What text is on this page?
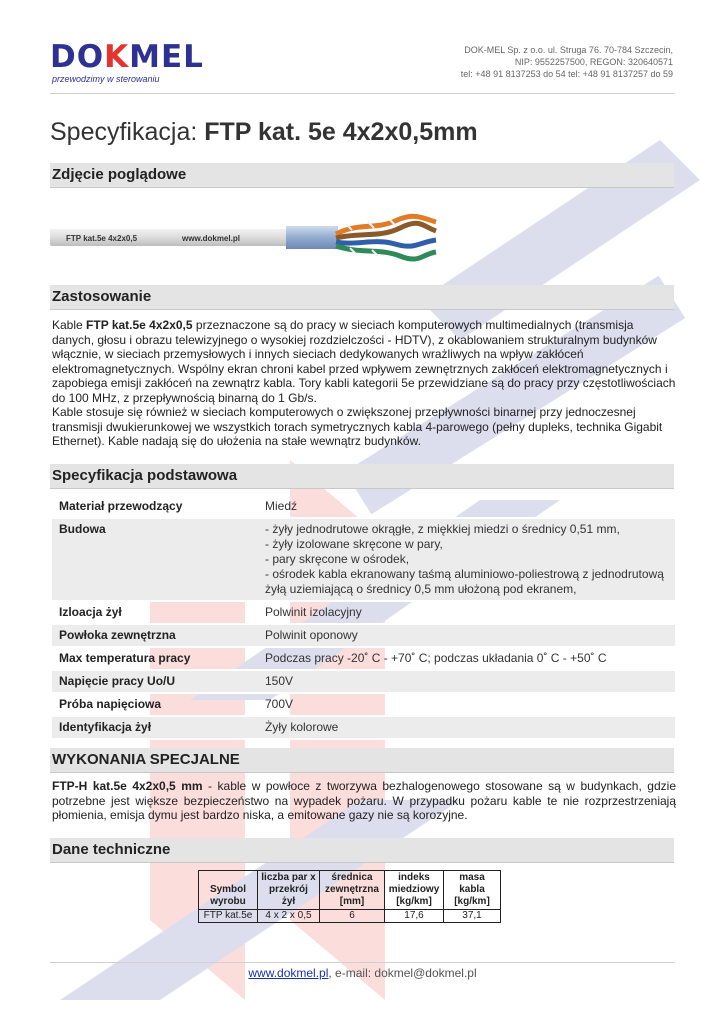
DOKMEL
przewodzimy w sterowaniu
DOK-MEL Sp. z o.o. ul. Struga 76. 70-784 Szczecin,
NIP: 9552257500, REGON: 320640571
tel: +48 91 8137253 do 54 tel: +48 91 8137257 do 59
Specyfikacja: FTP kat. 5e 4x2x0,5mm
Zdjęcie poglądowe
FTP kat.5e 4x2x0,5	www.dokmel.pl
Zastosowanie

Kable FTP kat.5e 4x2x0,5 przeznaczone są do pracy w sieciach komputerowych multimedialnych (transmisja danych, głosu i obrazu telewizyjnego o wysokiej rozdzielczości - HDTV), z okablowaniem strukturalnym budynków włącznie, w sieciach przemysłowych i innych sieciach dedykowanych wrażliwych na wpływ zakłóceń elektromagnetycznych. Wspólny ekran chroni kabel przed wpływem zewnętrznych zakłóceń elektromagnetycznych i zapobiega emisji zakłóceń na zewnątrz kabla. Tory kabli kategorii 5e przewidziane są do pracy przy częstotliwościach do 100 MHz, z przepływnością binarną do 1 Gb/s.

Kable stosuje się również w sieciach komputerowych o zwiększonej przepływności binarnej przy jednoczesnej transmisji dwukierunkowej we wszystkich torach symetrycznych kabla 4-parowego (pełny dupleks, technika Gigabit Ethernet). Kable nadają się do ułożenia na stałe wewnątrz budynków.

Specyfikacja podstawowa
Materiał przewodzący	Miedź
Budowa	- żyły jednodrutowe okrągłe, z miękkiej miedzi o średnicy 0,51 mm,
- żyły izolowane skręcone w pary,
- pary skręcone w ośrodek,
- ośrodek kabla ekranowany taśmą aluminiowo-poliestrową z jednodrutową żyłą uziemiającą o średnicy 0,5 mm ułożoną pod ekranem,
Izloacja żył	Polwinit izolacyjny
Powłoka zewnętrzna	Polwinit oponowy
Max temperatura pracy	Podczas pracy -20˚ C - +70˚ C; podczas układania 0˚ C - +50˚ C
Napięcie pracy Uo/U	150V
Próba napięciowa	700V
Identyfikacja żył	Żyły kolorowe
WYKONANIA SPECJALNE

FTP-H kat.5e 4x2x0,5 mm - kable w powłoce z tworzywa bezhalogenowego stosowane są w budynkach, gdzie potrzebne jest większe bezpieczeństwo na wypadek pożaru. W przypadku pożaru kable te nie rozprzestrzeniają płomienia, emisja dymu jest bardzo niska, a emitowane gazy nie są korozyjne.

Dane techniczne
Symbol wyrobu	liczba par x przekrój żył	średnica zewnętrzna [mm]	indeks miedziowy [kg/km]	masa kabla [kg/km]
FTP kat.5e	4 x 2 x 0,5	6	17,6	37,1
www.dokmel.pl, e-mail: dokmel@dokmel.pl
